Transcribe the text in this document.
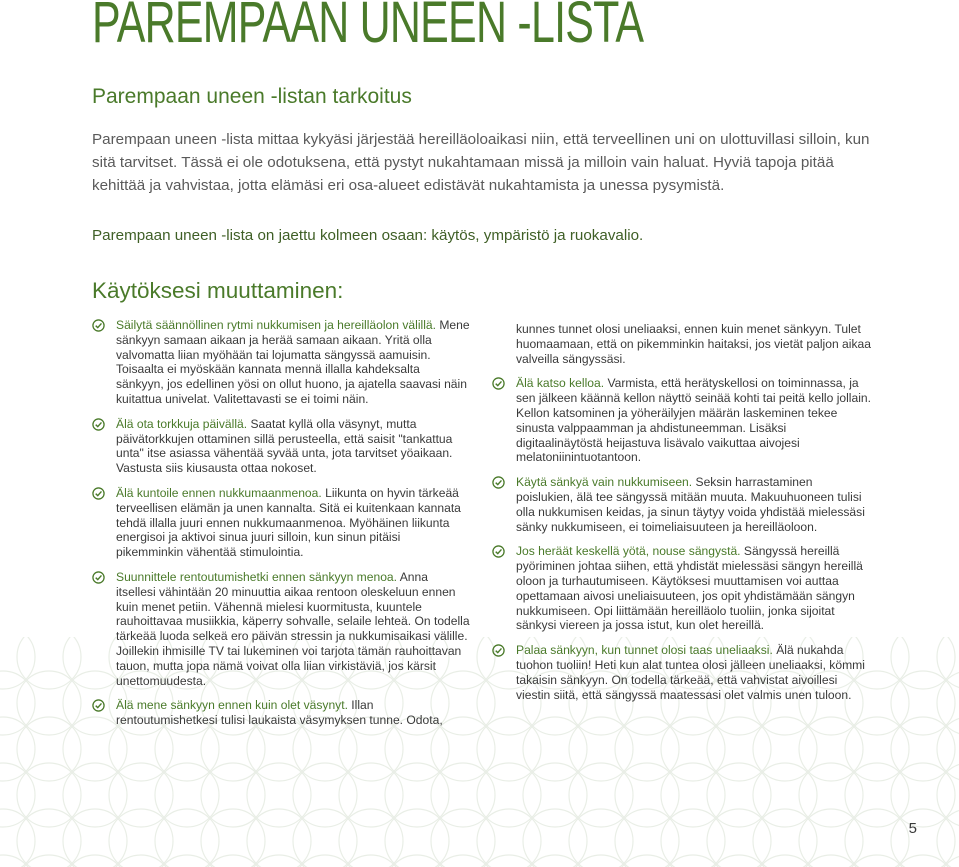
PAREMPAAN UNEEN -LISTA
Parempaan uneen -listan tarkoitus

Parempaan uneen -lista mittaa kykyäsi järjestää hereilläoloaikasi niin, että terveellinen uni on ulottuvillasi silloin, kun sitä tarvitset. Tässä ei ole odotuksena, että pystyt nukahtamaan missä ja milloin vain haluat. Hyviä tapoja pitää kehittää ja vahvistaa, jotta elämäsi eri osa-alueet edistävät nukahtamista ja unessa pysymistä.

Parempaan uneen -lista on jaettu kolmeen osaan: käytös, ympäristö ja ruokavalio.

Käytöksesi muuttaminen:
Säilytä säännöllinen rytmi nukkumisen ja hereilläolon välillä. Mene sänkyyn samaan aikaan ja herää samaan aikaan. Yritä olla valvomatta liian myöhään tai lojumatta sängyssä aamuisin. Toisaalta ei myöskään kannata mennä illalla kahdeksalta sänkyyn, jos edellinen yösi on ollut huono, ja ajatella saavasi näin kuitattua univelat. Valitettavasti se ei toimi näin.
Älä ota torkkuja päivällä. Saatat kyllä olla väsynyt, mutta päivätorkkujen ottaminen sillä perusteella, että saisit "tankattua unta" itse asiassa vähentää syvää unta, jota tarvitset yöaikaan. Vastusta siis kiusausta ottaa nokoset.
Älä kuntoile ennen nukkumaanmenoa. Liikunta on hyvin tärkeää terveellisen elämän ja unen kannalta. Sitä ei kuitenkaan kannata tehdä illalla juuri ennen nukkumaanmenoa. Myöhäinen liikunta energisoi ja aktivoi sinua juuri silloin, kun sinun pitäisi pikemminkin vähentää stimulointia.
Suunnittele rentoutumishetki ennen sänkyyn menoa. Anna itsellesi vähintään 20 minuuttia aikaa rentoon oleskeluun ennen kuin menet petiin. Vähennä mielesi kuormitusta, kuuntele rauhoittavaa musiikkia, käperry sohvalle, selaile lehteä. On todella tärkeää luoda selkeä ero päivän stressin ja nukkumisaikasi välille. Joillekin ihmisille TV tai lukeminen voi tarjota tämän rauhoittavan tauon, mutta jopa nämä voivat olla liian virkistäviä, jos kärsit unettomuudesta.
Älä mene sänkyyn ennen kuin olet väsynyt. Illan rentoutumishetkesi tulisi laukaista väsymyksen tunne. Odota,
kunnes tunnet olosi uneliaaksi, ennen kuin menet sänkyyn. Tulet huomaamaan, että on pikemminkin haitaksi, jos vietät paljon aikaa valveilla sängyssäsi.
Älä katso kelloa. Varmista, että herätyskellosi on toiminnassa, ja sen jälkeen käännä kellon näyttö seinää kohti tai peitä kello jollain. Kellon katsominen ja yöheräilyjen määrän laskeminen tekee sinusta valppaamman ja ahdistuneemman. Lisäksi digitaalinäytöstä heijastuva lisävalo vaikuttaa aivojesi melatoniinintuotantoon.
Käytä sänkyä vain nukkumiseen. Seksin harrastaminen poislukien, älä tee sängyssä mitään muuta. Makuuhuoneen tulisi olla nukkumisen keidas, ja sinun täytyy voida yhdistää mielessäsi sänky nukkumiseen, ei toimeliaisuuteen ja hereilläoloon.
Jos heräät keskellä yötä, nouse sängystä. Sängyssä hereillä pyöriminen johtaa siihen, että yhdistät mielessäsi sängyn hereillä oloon ja turhautumiseen. Käytöksesi muuttamisen voi auttaa opettamaan aivosi uneliaisuuteen, jos opit yhdistämään sängyn nukkumiseen. Opi liittämään hereilläolo tuoliin, jonka sijoitat sänkysi viereen ja jossa istut, kun olet hereillä.
Palaa sänkyyn, kun tunnet olosi taas uneliaaksi. Älä nukahda tuohon tuoliin! Heti kun alat tuntea olosi jälleen uneliaaksi, kömmi takaisin sänkyyn. On todella tärkeää, että vahvistat aivoillesi viestin siitä, että sängyssä maatessasi olet valmis unen tuloon.
5
